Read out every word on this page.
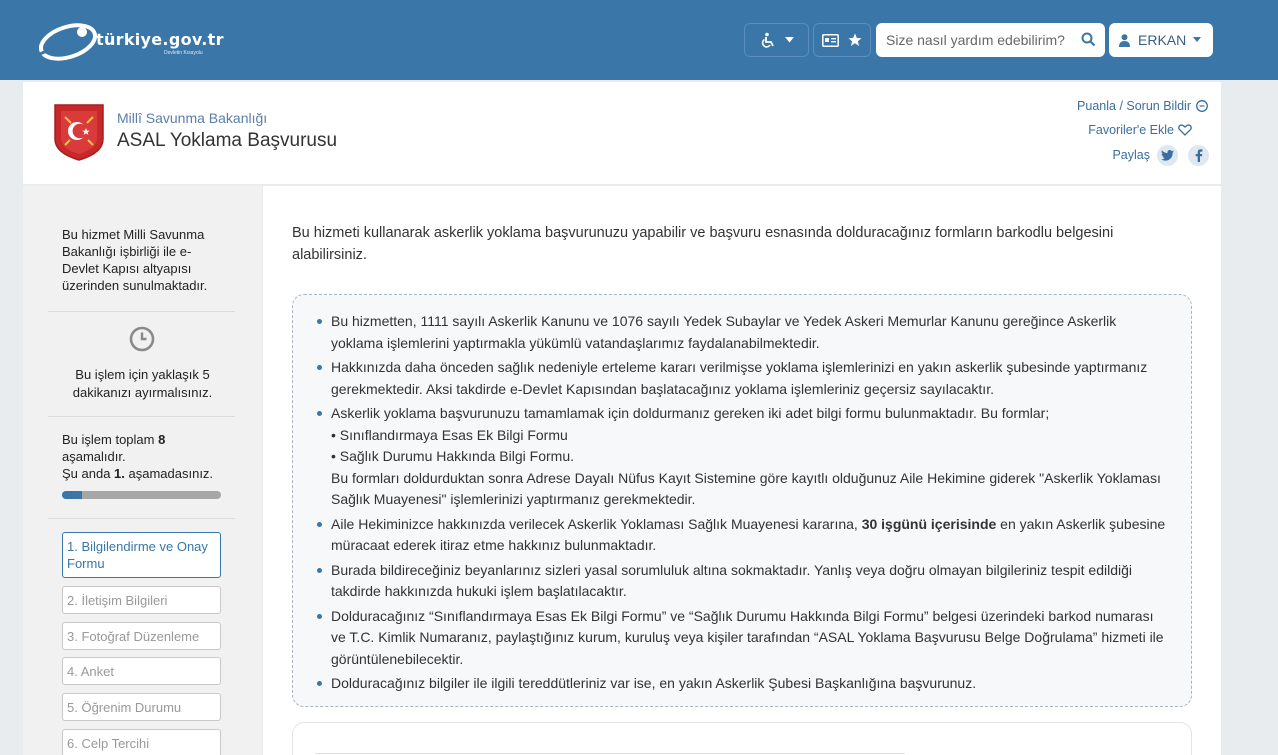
türkiye.gov.tr
Devletin Kısayolu
Size nasıl yardım edebilirim?
ERKAN
Millî Savunma Bakanlığı
ASAL Yoklama Başvurusu
Puanla / Sorun Bildir
Favoriler'e Ekle
Paylaş
Bu hizmet Milli Savunma Bakanlığı işbirliği ile e-Devlet Kapısı altyapısı üzerinden sunulmaktadır.
Bu işlem için yaklaşık 5 dakikanızı ayırmalısınız.
Bu işlem toplam 8 aşamalıdır.
Şu anda 1. aşamadasınız.
1. Bilgilendirme ve Onay Formu
2. İletişim Bilgileri
3. Fotoğraf Düzenleme
4. Anket
5. Öğrenim Durumu
6. Celp Tercihi

Bu hizmeti kullanarak askerlik yoklama başvurunuzu yapabilir ve başvuru esnasında dolduracağınız formların barkodlu belgesini alabilirsiniz.

Bu hizmetten, 1111 sayılı Askerlik Kanunu ve 1076 sayılı Yedek Subaylar ve Yedek Askeri Memurlar Kanunu gereğince Askerlik yoklama işlemlerini yaptırmakla yükümlü vatandaşlarımız faydalanabilmektedir.
Hakkınızda daha önceden sağlık nedeniyle erteleme kararı verilmişse yoklama işlemlerinizi en yakın askerlik şubesinde yaptırmanız gerekmektedir. Aksi takdirde e-Devlet Kapısından başlatacağınız yoklama işlemleriniz geçersiz sayılacaktır.
Askerlik yoklama başvurunuzu tamamlamak için doldurmanız gereken iki adet bilgi formu bulunmaktadır. Bu formlar;
• Sınıflandırmaya Esas Ek Bilgi Formu
• Sağlık Durumu Hakkında Bilgi Formu.
Bu formları doldurduktan sonra Adrese Dayalı Nüfus Kayıt Sistemine göre kayıtlı olduğunuz Aile Hekimine giderek "Askerlik Yoklaması Sağlık Muayenesi" işlemlerinizi yaptırmanız gerekmektedir.
Aile Hekiminizce hakkınızda verilecek Askerlik Yoklaması Sağlık Muayenesi kararına, 30 işgünü içerisinde en yakın Askerlik şubesine müracaat ederek itiraz etme hakkınız bulunmaktadır.
Burada bildireceğiniz beyanlarınız sizleri yasal sorumluluk altına sokmaktadır. Yanlış veya doğru olmayan bilgileriniz tespit edildiği takdirde hakkınızda hukuki işlem başlatılacaktır.
Dolduracağınız “Sınıflandırmaya Esas Ek Bilgi Formu” ve “Sağlık Durumu Hakkında Bilgi Formu” belgesi üzerindeki barkod numarası ve T.C. Kimlik Numaranız, paylaştığınız kurum, kuruluş veya kişiler tarafından “ASAL Yoklama Başvurusu Belge Doğrulama” hizmeti ile görüntülenebilecektir.
Dolduracağınız bilgiler ile ilgili tereddütleriniz var ise, en yakın Askerlik Şubesi Başkanlığına başvurunuz.
